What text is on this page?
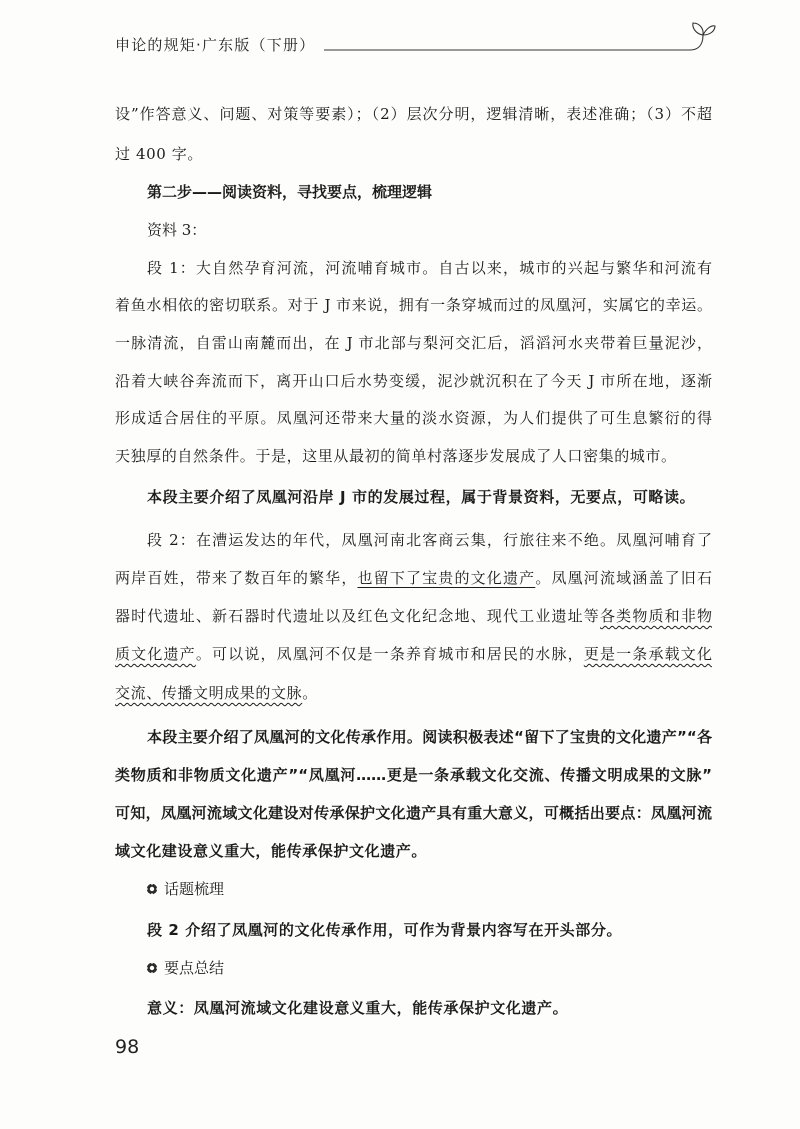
申论的规矩·广东版（下册）
设”作答意义、问题、对策等要素）；（2）层次分明，逻辑清晰，表述准确；（3）不超
过 400 字。
第二步——阅读资料，寻找要点，梳理逻辑
资料 3：
段 1：大自然孕育河流，河流哺育城市。自古以来，城市的兴起与繁华和河流有
着鱼水相依的密切联系。对于 J 市来说，拥有一条穿城而过的凤凰河，实属它的幸运。
一脉清流，自雷山南麓而出，在 J 市北部与梨河交汇后，滔滔河水夹带着巨量泥沙，
沿着大峡谷奔流而下，离开山口后水势变缓，泥沙就沉积在了今天 J 市所在地，逐渐
形成适合居住的平原。凤凰河还带来大量的淡水资源，为人们提供了可生息繁衍的得
天独厚的自然条件。于是，这里从最初的简单村落逐步发展成了人口密集的城市。
本段主要介绍了凤凰河沿岸 J 市的发展过程，属于背景资料，无要点，可略读。
段 2：在漕运发达的年代，凤凰河南北客商云集，行旅往来不绝。凤凰河哺育了
两岸百姓，带来了数百年的繁华，也留下了宝贵的文化遗产。凤凰河流域涵盖了旧石
器时代遗址、新石器时代遗址以及红色文化纪念地、现代工业遗址等各类物质和非物
质文化遗产。可以说，凤凰河不仅是一条养育城市和居民的水脉，更是一条承载文化
交流、传播文明成果的文脉。
本段主要介绍了凤凰河的文化传承作用。阅读积极表述“留下了宝贵的文化遗产”“各
类物质和非物质文化遗产”“凤凰河……更是一条承载文化交流、传播文明成果的文脉”
可知，凤凰河流域文化建设对传承保护文化遗产具有重大意义，可概括出要点：凤凰河流
域文化建设意义重大，能传承保护文化遗产。
话题梳理
段 2 介绍了凤凰河的文化传承作用，可作为背景内容写在开头部分。
要点总结
意义：凤凰河流域文化建设意义重大，能传承保护文化遗产。
98
